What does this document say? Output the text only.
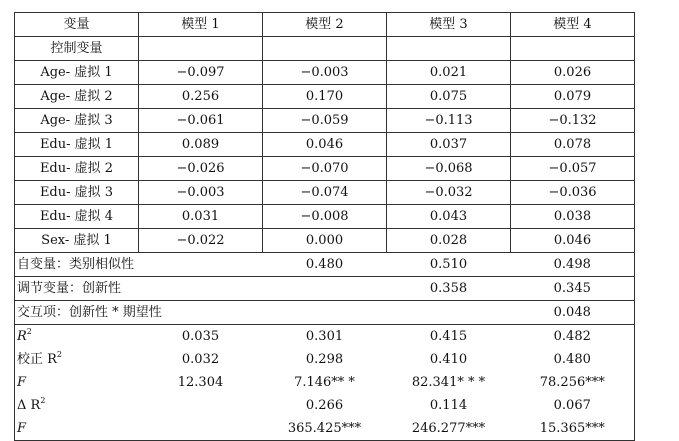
变量	模型 1	模型 2	模型 3	模型 4
控制变量				
Age- 虚拟 1	−0.097	−0.003	0.021	0.026
Age- 虚拟 2	0.256	0.170	0.075	0.079
Age- 虚拟 3	−0.061	−0.059	−0.113	−0.132
Edu- 虚拟 1	0.089	0.046	0.037	0.078
Edu- 虚拟 2	−0.026	−0.070	−0.068	−0.057
Edu- 虚拟 3	−0.003	−0.074	−0.032	−0.036
Edu- 虚拟 4	0.031	−0.008	0.043	0.038
Sex- 虚拟 1	−0.022	0.000	0.028	0.046
自变量：类别相似性		0.480	0.510	0.498
调节变量：创新性			0.358	0.345
交互项：创新性 * 期望性				0.048
$R^2$	0.035	0.301	0.415	0.482
校正 $R^2$	0.032	0.298	0.410	0.480
F	12.304	7.146** *	82.341* * *	78.256***
Δ $R^2$		0.266	0.114	0.067
F		365.425***	246.277***	15.365***
